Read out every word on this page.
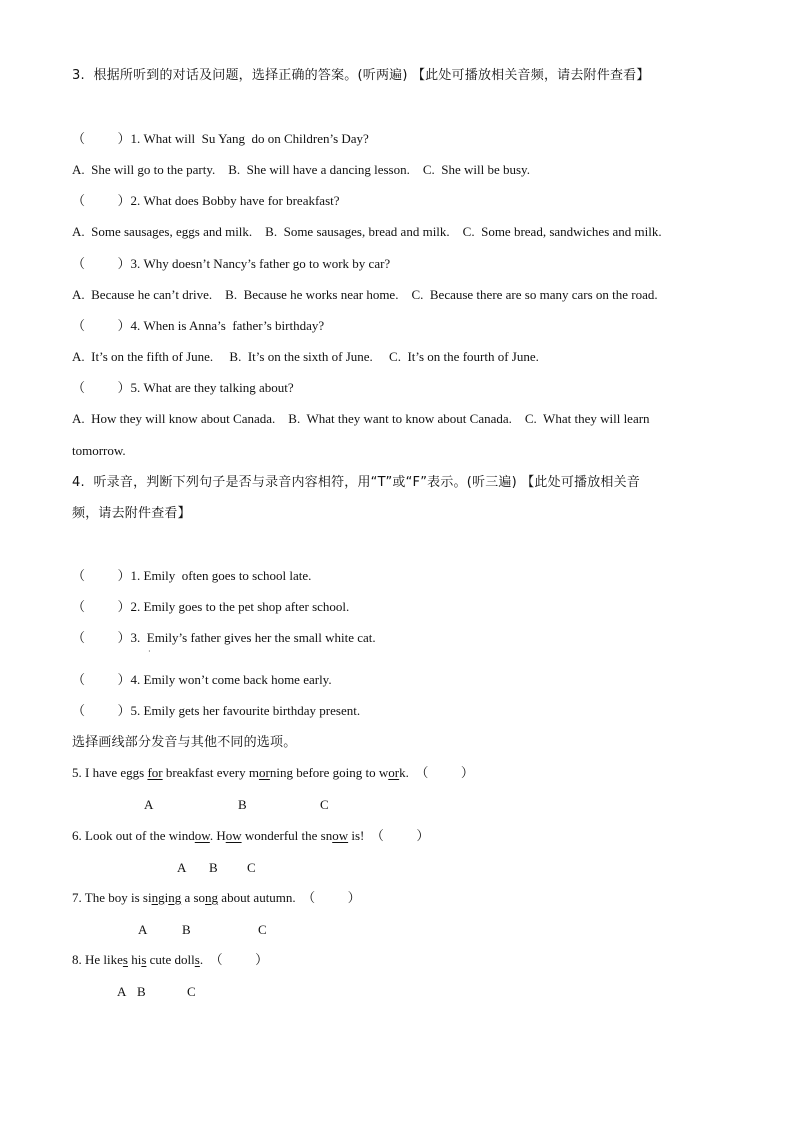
3.  根据所听到的对话及问题，选择正确的答案。(听两遍) 【此处可播放相关音频，请去附件查看】
（          ）1. What will  Su Yang  do on Children’s Day?
A.  She will go to the party.    B.  She will have a dancing lesson.    C.  She will be busy.
（          ）2. What does Bobby have for breakfast?
A.  Some sausages, eggs and milk.    B.  Some sausages, bread and milk.    C.  Some bread, sandwiches and milk.
（          ）3. Why doesn’t Nancy’s father go to work by car?
A.  Because he can’t drive.    B.  Because he works near home.    C.  Because there are so many cars on the road.
（          ）4. When is Anna’s  father’s birthday?
A.  It’s on the fifth of June.     B.  It’s on the sixth of June.     C.  It’s on the fourth of June.
（          ）5. What are they talking about?
A.  How they will know about Canada.    B.  What they want to know about Canada.    C.  What they will learn
tomorrow.
4.  听录音，判断下列句子是否与录音内容相符，用“T”或“F”表示。(听三遍) 【此处可播放相关音
频，请去附件查看】
（          ）1. Emily  often goes to school late.
（          ）2. Emily goes to the pet shop after school.
（          ）3.  Emily’s father gives her the small white cat.
·
（          ）4. Emily won’t come back home early.
（          ）5. Emily gets her favourite birthday present.
选择画线部分发音与其他不同的选项。
5. I have eggs for breakfast every morning before going to work.  （          ）
A	B	C
6. Look out of the window. How wonderful the snow is!  （          ）
A B C
7. The boy is singing a song about autumn.  （          ）
A	B	C
8. He likes his cute dolls.  （          ）
A B	C
